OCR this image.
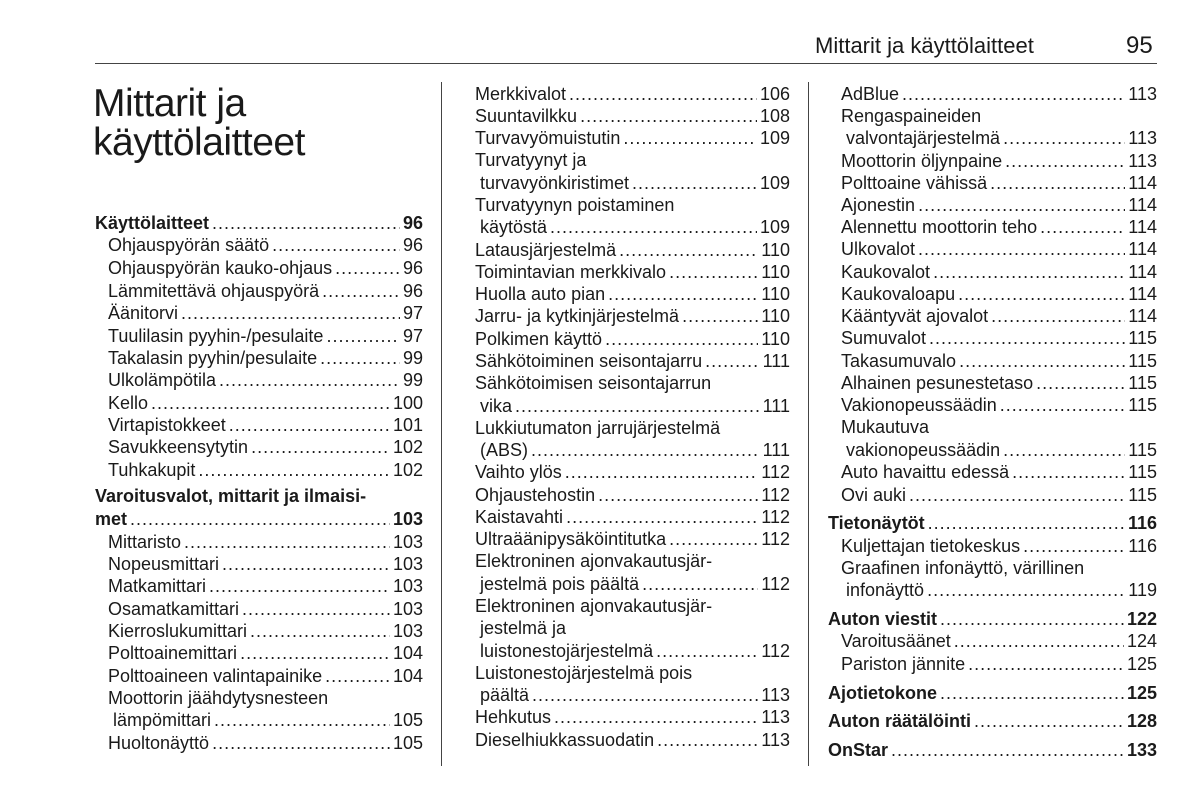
Mittarit ja käyttölaitteet	95
Mittarit ja
käyttölaitteet
Käyttölaitteet .....	96
Ohjauspyörän säätö .....	96
Ohjauspyörän kauko-ohjaus .....	96
Lämmitettävä ohjauspyörä .....	96
Äänitorvi .....	97
Tuulilasin pyyhin-/pesulaite .....	97
Takalasin pyyhin/pesulaite .....	99
Ulkolämpötila .....	99
Kello .....	100
Virtapistokkeet .....	101
Savukkeensytytin .....	102
Tuhkakupit .....	102
Varoitusvalot, mittarit ja ilmaisi-
met .....	103
Mittaristo .....	103
Nopeusmittari .....	103
Matkamittari .....	103
Osamatkamittari .....	103
Kierroslukumittari .....	103
Polttoainemittari .....	104
Polttoaineen valintapainike .....	104
Moottorin jäähdytysnesteen
lämpömittari .....	105
Huoltonäyttö .....	105
Merkkivalot .....	106
Suuntavilkku .....	108
Turvavyömuistutin .....	109
Turvatyynyt ja
turvavyönkiristimet .....	109
Turvatyynyn poistaminen
käytöstä .....	109
Latausjärjestelmä .....	110
Toimintavian merkkivalo .....	110
Huolla auto pian .....	110
Jarru- ja kytkinjärjestelmä .....	110
Polkimen käyttö .....	110
Sähkötoiminen seisontajarru .....	111
Sähkötoimisen seisontajarrun
vika .....	111
Lukkiutumaton jarrujärjestelmä
(ABS) .....	111
Vaihto ylös .....	112
Ohjaustehostin .....	112
Kaistavahti .....	112
Ultraäänipysäköintitutka .....	112
Elektroninen ajonvakautusjär-
jestelmä pois päältä .....	112
Elektroninen ajonvakautusjär-
jestelmä ja
luistonestojärjestelmä .....	112
Luistonestojärjestelmä pois
päältä .....	113
Hehkutus .....	113
Dieselhiukkassuodatin .....	113
AdBlue .....	113
Rengaspaineiden
valvontajärjestelmä .....	113
Moottorin öljynpaine .....	113
Polttoaine vähissä .....	114
Ajonestin .....	114
Alennettu moottorin teho .....	114
Ulkovalot .....	114
Kaukovalot .....	114
Kaukovaloapu .....	114
Kääntyvät ajovalot .....	114
Sumuvalot .....	115
Takasumuvalo .....	115
Alhainen pesunestetaso .....	115
Vakionopeussäädin .....	115
Mukautuva
vakionopeussäädin .....	115
Auto havaittu edessä .....	115
Ovi auki .....	115
Tietonäytöt .....	116
Kuljettajan tietokeskus .....	116
Graafinen infonäyttö, värillinen
infonäyttö .....	119
Auton viestit .....	122
Varoitusäänet .....	124
Pariston jännite .....	125
Ajotietokone .....	125
Auton räätälöinti .....	128
OnStar .....	133
